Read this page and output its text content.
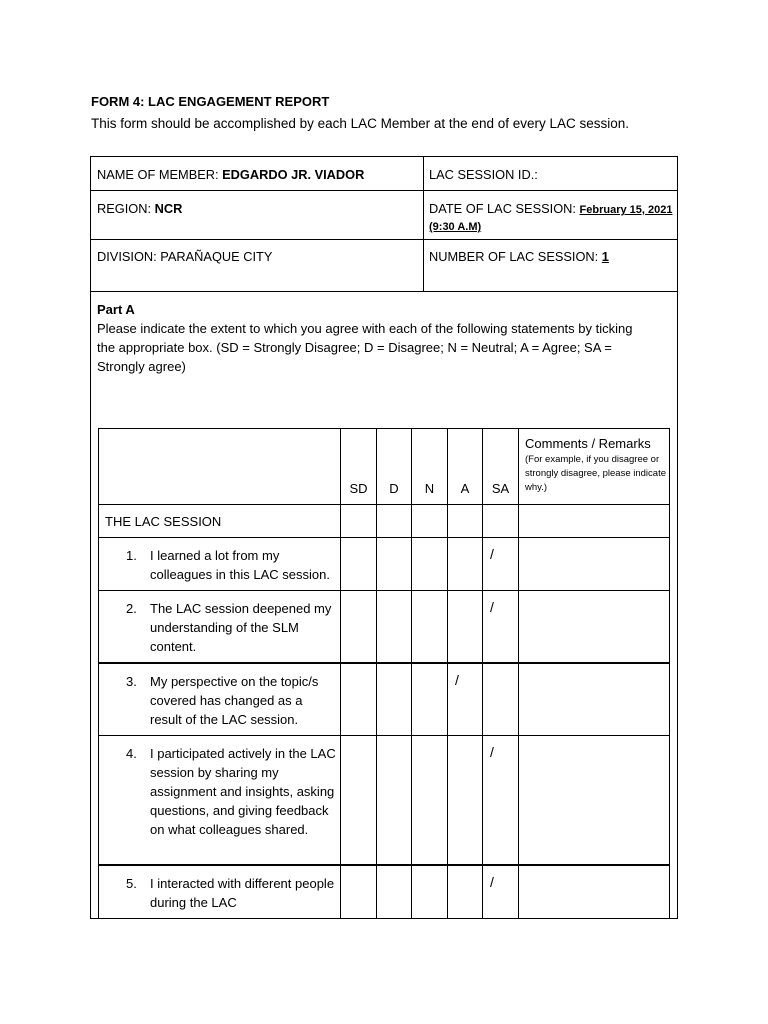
FORM 4: LAC ENGAGEMENT REPORT
This form should be accomplished by each LAC Member at the end of every LAC session.
NAME OF MEMBER: EDGARDO JR. VIADOR	LAC SESSION ID.:
REGION: NCR	DATE OF LAC SESSION: February 15, 2021
(9:30 A.M)
DIVISION: PARAÑAQUE CITY	NUMBER OF LAC SESSION: 1
Part A
Please indicate the extent to which you agree with each of the following statements by ticking
the appropriate box. (SD = Strongly Disagree; D = Disagree; N = Neutral; A = Agree; SA = Strongly agree)
	SD	D	N	A	SA	Comments / Remarks
(For example, if you disagree or strongly disagree, please indicate why.)

THE LAC SESSION						

1. I learned a lot from my colleagues in this LAC session.					/	

2. The LAC session deepened my understanding of the SLM content.					/	

3. My perspective on the topic/s covered has changed as a result of the LAC session.				/		

4. I participated actively in the LAC session by sharing my assignment and insights, asking questions, and giving feedback on what colleagues shared.					/	

5. I interacted with different people during the LAC					/	
